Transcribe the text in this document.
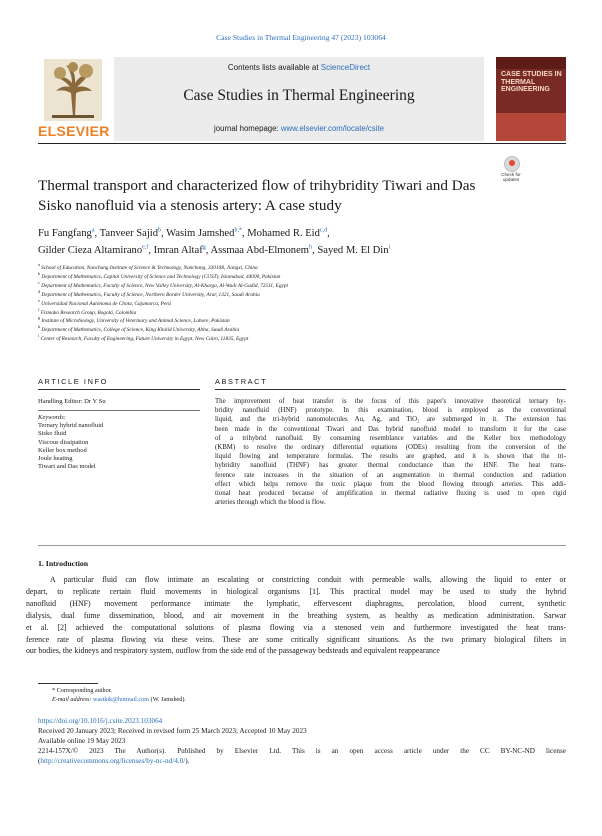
Case Studies in Thermal Engineering 47 (2023) 103064
ELSEVIER
Contents lists available at ScienceDirect
Case Studies in Thermal Engineering
journal homepage: www.elsevier.com/locate/csite
CASE STUDIES IN THERMAL ENGINEERING
Check for updates
Thermal transport and characterized flow of trihybridity Tiwari and Das Sisko nanofluid via a stenosis artery: A case study
Fu Fangfang$^a$, Tanveer Sajid$^b$, Wasim Jamshed$^{b,*}$, Mohamed R. Eid$^{c,d}$,
Gilder Cieza Altamirano$^{e,f}$, Imran Altaf$^g$, Assmaa Abd-Elmonem$^h$, Sayed M. El Din$^i$
$^a$ School of Education, Nanchang Institute of Science & Technology, Nanchang, 330108, Jiangxi, China
$^b$ Department of Mathematics, Capital University of Science and Technology (CUST), Islamabad, 44000, Pakistan
$^c$ Department of Mathematics, Faculty of Science, New Valley University, Al-Kharga, Al-Wadi Al-Gadid, 72511, Egypt
$^d$ Department of Mathematics, Faculty of Science, Northern Border University, Arar, 1321, Saudi Arabia
$^e$ Universidad Nacional Autónoma de Chota, Cajamarca, Perú
$^f$ Fizmako Research Group, Bogotá, Colombia
$^g$ Institute of Microbiology, University of Veterinary and Animal Science, Lahore, Pakistan
$^h$ Department of Mathematics, College of Science, King Khalid University, Abha, Saudi Arabia
$^i$ Center of Research, Faculty of Engineering, Future University in Egypt, New Cairo, 11835, Egypt
ARTICLE INFO	ABSTRACT
Handling Editor: Dr Y Su
Keywords:
Ternary hybrid nanofluid
Sisko fluid
Viscous dissipation
Keller box method
Joule heating
Tiwari and Das model
The improvement of heat transfer is the focus of this paper's innovative theoretical ternary hy-
bridity nanofluid (HNF) prototype. In this examination, blood is employed as the conventional
liquid, and the tri-hybrid nanomolecules Au, Ag, and TiO₂ are submerged in it. The extension has
been made in the conventional Tiwari and Das hybrid nanofluid model to transform it for the case
of a trihybrid nanofluid. By consuming resemblance variables and the Keller box methodology
(KBM) to resolve the ordinary differential equations (ODEs) resulting from the conversion of the
liquid flowing and temperature formulas. The results are graphed, and it is shown that the tri-
hybridity nanofluid (THNF) has greater thermal conductance than the HNF. The heat trans-
ference rate increases in the situation of an augmentation in thermal conduction and radiation
effect which helps remove the toxic plaque from the blood flowing through arteries. This addi-
tional heat produced because of amplification in thermal radiative fluxing is used to open rigid
arteries through which the blood is flow.
1. Introduction
A particular fluid can flow intimate an escalating or constricting conduit with permeable walls, allowing the liquid to enter or
depart, to replicate certain fluid movements in biological organisms [1]. This practical model may be used to study the hybrid
nanofluid (HNF) movement performance intimate the lymphatic, effervescent diaphragms, percolation, blood current, synthetic
dialysis, dual fume dissemination, blood, and air movement in the breathing system, as healthy as medication administration. Sarwar
et al. [2] achieved the computational solutions of plasma flowing via a stenosed vein and furthermore investigated the heat trans-
ference rate of plasma flowing via these veins. These are some critically significant situations. As the two primary biological filters in
our bodies, the kidneys and respiratory system, outflow from the side end of the passageway bedsteads and equivalent reappearance
* Corresponding author.
E-mail address: wasiktk@hotmail.com (W. Jamshed).
https://doi.org/10.1016/j.csite.2023.103064
Received 20 January 2023; Received in revised form 25 March 2023; Accepted 10 May 2023
Available online 19 May 2023
2214-157X/© 2023 The Author(s). Published by Elsevier Ltd. This is an open access article under the CC BY-NC-ND license
(http://creativecommons.org/licenses/by-nc-nd/4.0/).
